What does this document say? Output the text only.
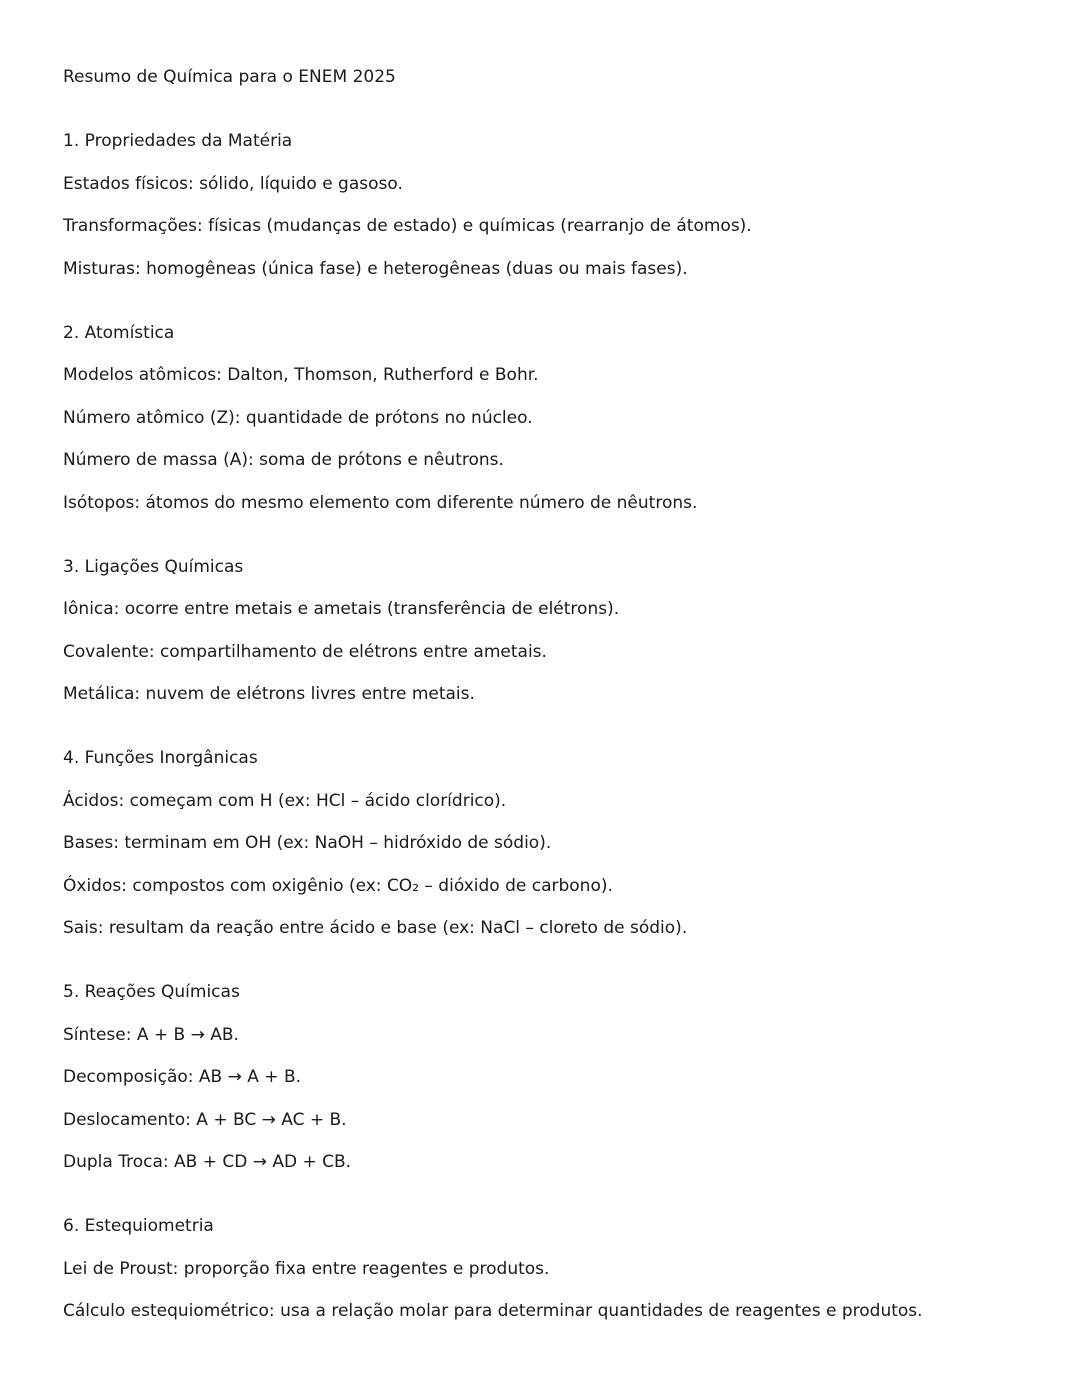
Resumo de Química para o ENEM 2025
1. Propriedades da Matéria
Estados físicos: sólido, líquido e gasoso.
Transformações: físicas (mudanças de estado) e químicas (rearranjo de átomos).
Misturas: homogêneas (única fase) e heterogêneas (duas ou mais fases).
2. Atomística
Modelos atômicos: Dalton, Thomson, Rutherford e Bohr.
Número atômico (Z): quantidade de prótons no núcleo.
Número de massa (A): soma de prótons e nêutrons.
Isótopos: átomos do mesmo elemento com diferente número de nêutrons.
3. Ligações Químicas
Iônica: ocorre entre metais e ametais (transferência de elétrons).
Covalente: compartilhamento de elétrons entre ametais.
Metálica: nuvem de elétrons livres entre metais.
4. Funções Inorgânicas
Ácidos: começam com H (ex: HCl – ácido clorídrico).
Bases: terminam em OH (ex: NaOH – hidróxido de sódio).
Óxidos: compostos com oxigênio (ex: CO₂ – dióxido de carbono).
Sais: resultam da reação entre ácido e base (ex: NaCl – cloreto de sódio).
5. Reações Químicas
Síntese: A + B → AB.
Decomposição: AB → A + B.
Deslocamento: A + BC → AC + B.
Dupla Troca: AB + CD → AD + CB.
6. Estequiometria
Lei de Proust: proporção fixa entre reagentes e produtos.
Cálculo estequiométrico: usa a relação molar para determinar quantidades de reagentes e produtos.
